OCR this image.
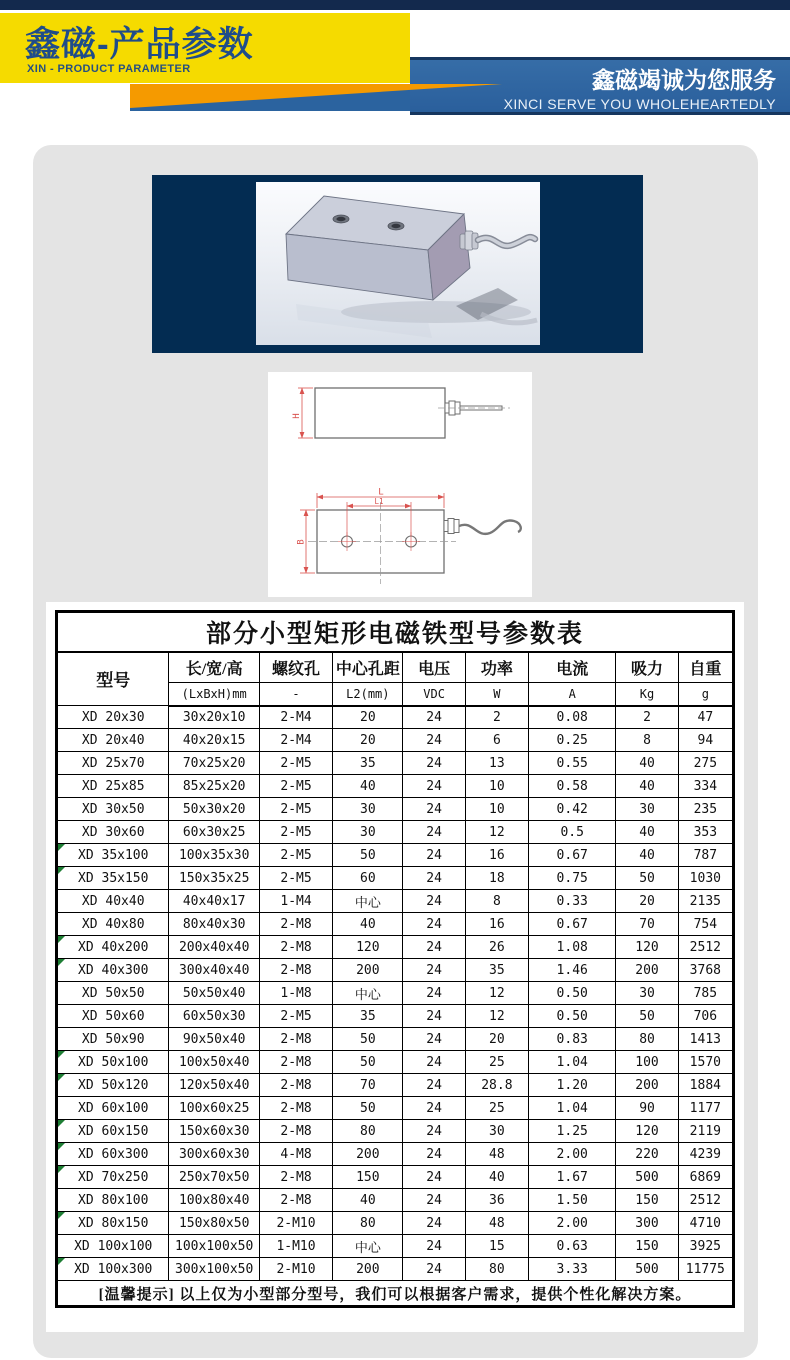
鑫磁-产品参数
XIN - PRODUCT PARAMETER	鑫磁竭诚为您服务
XINCI SERVE YOU WHOLEHEARTEDLY
H
L
L1
B
部分小型矩形电磁铁型号参数表								
型号	长/宽/高	螺纹孔	中心孔距	电压	功率	电流	吸力	自重
	(LxBxH)mm	-	L2(mm)	VDC	W	A	Kg	g
XD 20x30	30x20x10	2-M4	20	24	2	0.08	2	47
XD 20x40	40x20x15	2-M4	20	24	6	0.25	8	94
XD 25x70	70x25x20	2-M5	35	24	13	0.55	40	275
XD 25x85	85x25x20	2-M5	40	24	10	0.58	40	334
XD 30x50	50x30x20	2-M5	30	24	10	0.42	30	235
XD 30x60	60x30x25	2-M5	30	24	12	0.5	40	353
XD 35x100	100x35x30	2-M5	50	24	16	0.67	40	787
XD 35x150	150x35x25	2-M5	60	24	18	0.75	50	1030
XD 40x40	40x40x17	1-M4	中心	24	8	0.33	20	2135
XD 40x80	80x40x30	2-M8	40	24	16	0.67	70	754
XD 40x200	200x40x40	2-M8	120	24	26	1.08	120	2512
XD 40x300	300x40x40	2-M8	200	24	35	1.46	200	3768
XD 50x50	50x50x40	1-M8	中心	24	12	0.50	30	785
XD 50x60	60x50x30	2-M5	35	24	12	0.50	50	706
XD 50x90	90x50x40	2-M8	50	24	20	0.83	80	1413
XD 50x100	100x50x40	2-M8	50	24	25	1.04	100	1570
XD 50x120	120x50x40	2-M8	70	24	28.8	1.20	200	1884
XD 60x100	100x60x25	2-M8	50	24	25	1.04	90	1177
XD 60x150	150x60x30	2-M8	80	24	30	1.25	120	2119
XD 60x300	300x60x30	4-M8	200	24	48	2.00	220	4239
XD 70x250	250x70x50	2-M8	150	24	40	1.67	500	6869
XD 80x100	100x80x40	2-M8	40	24	36	1.50	150	2512
XD 80x150	150x80x50	2-M10	80	24	48	2.00	300	4710
XD 100x100	100x100x50	1-M10	中心	24	15	0.63	150	3925
XD 100x300	300x100x50	2-M10	200	24	80	3.33	500	11775
[温馨提示] 以上仅为小型部分型号，我们可以根据客户需求，提供个性化解决方案。								
